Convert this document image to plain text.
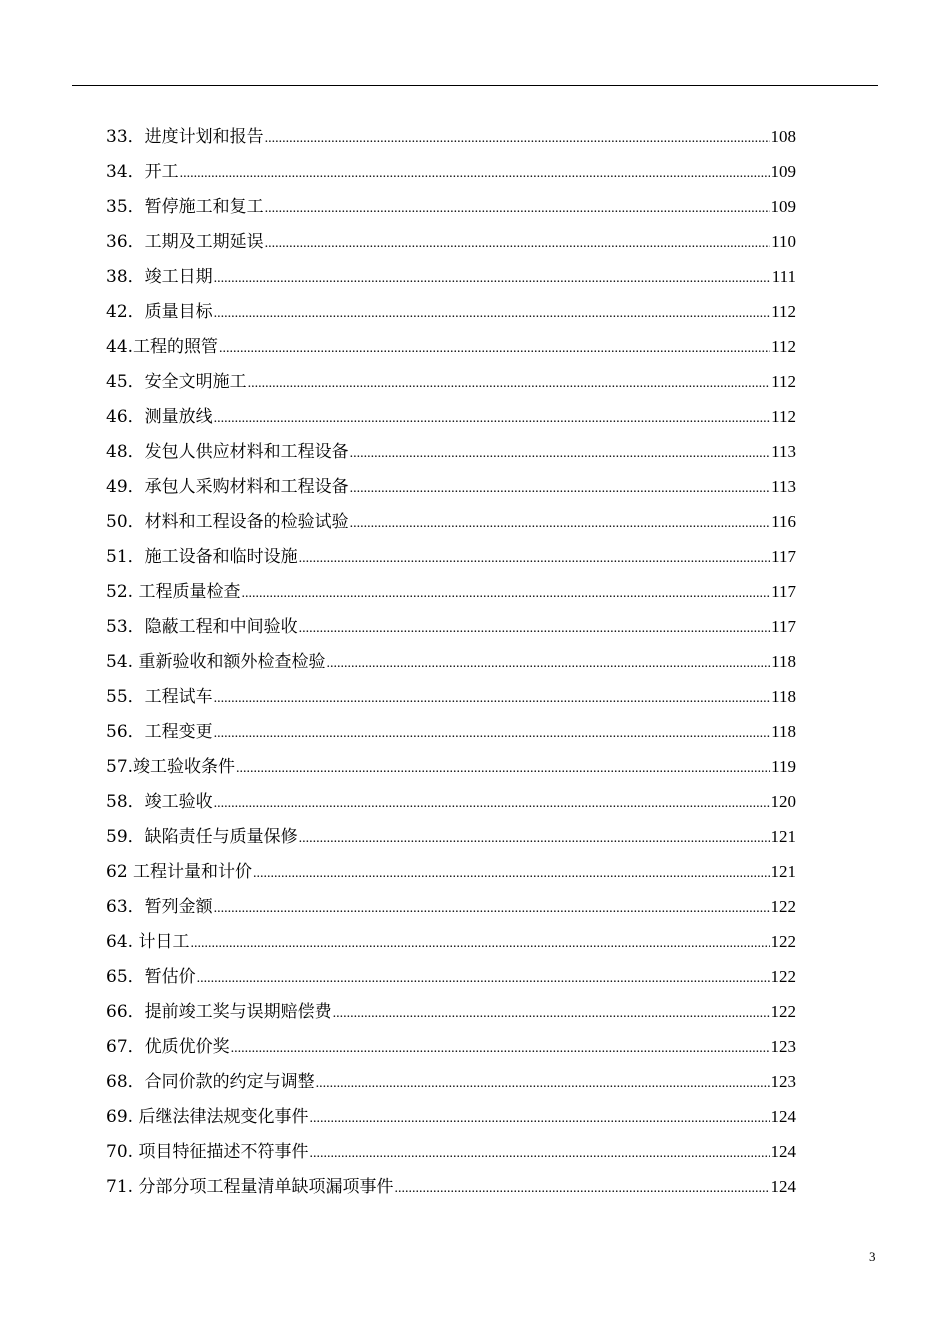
33．进度计划和报告 .....	108
34．开工 .....	109
35．暂停施工和复工 .....	109
36．工期及工期延误 .....	110
38．竣工日期 .....	111
42．质量目标 .....	112
44.工程的照管 .....	112
45．安全文明施工 .....	112
46．测量放线 .....	112
48．发包人供应材料和工程设备 .....	113
49．承包人采购材料和工程设备 .....	113
50．材料和工程设备的检验试验 .....	116
51．施工设备和临时设施 .....	117
52. 工程质量检查 .....	117
53．隐蔽工程和中间验收 .....	117
54. 重新验收和额外检查检验 .....	118
55．工程试车 .....	118
56．工程变更 .....	118
57.竣工验收条件 .....	119
58．竣工验收 .....	120
59．缺陷责任与质量保修 .....	121
62 工程计量和计价 .....	121
63．暂列金额 .....	122
64. 计日工 .....	122
65．暂估价 .....	122
66．提前竣工奖与误期赔偿费 .....	122
67．优质优价奖 .....	123
68．合同价款的约定与调整 .....	123
69. 后继法律法规变化事件 .....	124
70. 项目特征描述不符事件 .....	124
71. 分部分项工程量清单缺项漏项事件 .....	124
3
